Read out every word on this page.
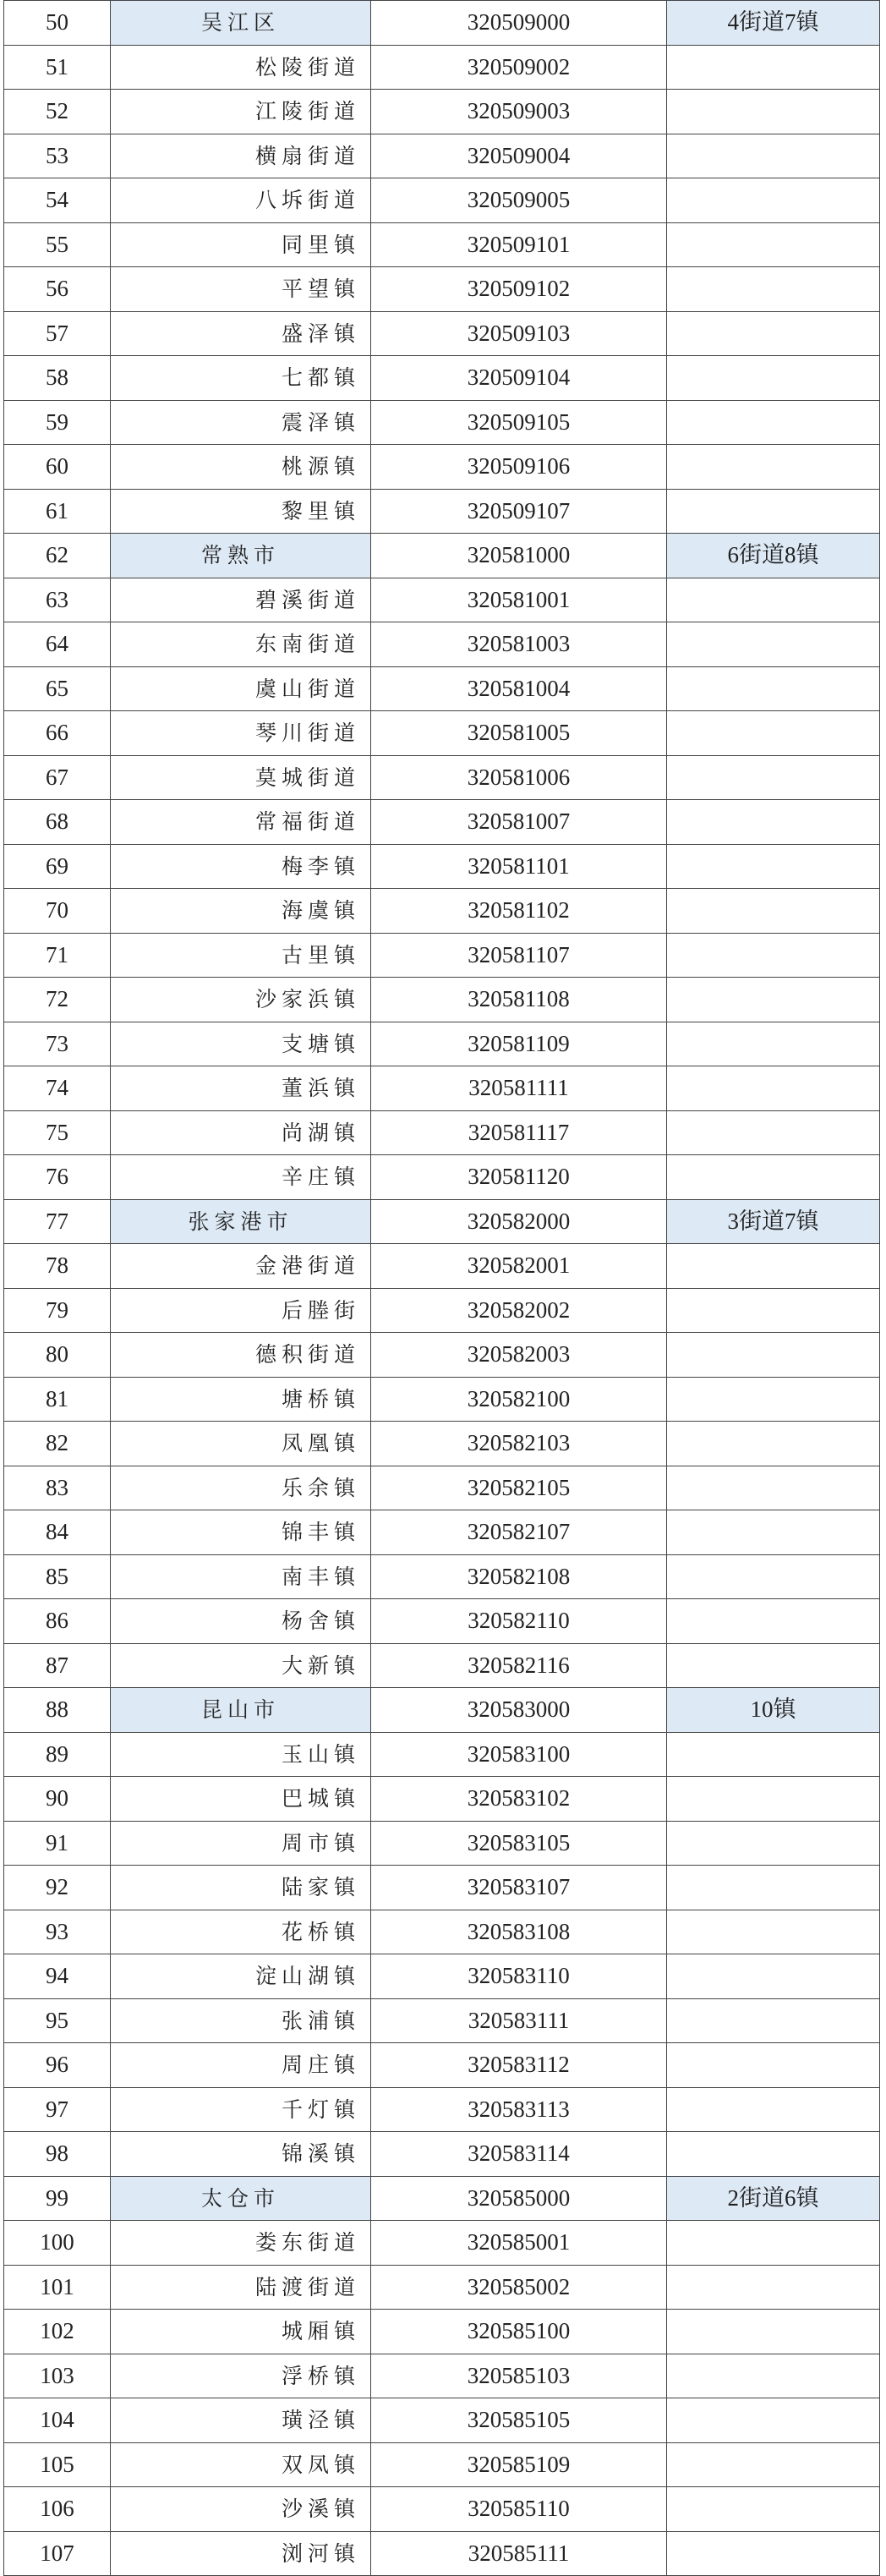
50	吴江区	320509000	4街道7镇
51	松陵街道	320509002	
52	江陵街道	320509003	
53	横扇街道	320509004	
54	八坼街道	320509005	
55	同里镇	320509101	
56	平望镇	320509102	
57	盛泽镇	320509103	
58	七都镇	320509104	
59	震泽镇	320509105	
60	桃源镇	320509106	
61	黎里镇	320509107	
62	常熟市	320581000	6街道8镇
63	碧溪街道	320581001	
64	东南街道	320581003	
65	虞山街道	320581004	
66	琴川街道	320581005	
67	莫城街道	320581006	
68	常福街道	320581007	
69	梅李镇	320581101	
70	海虞镇	320581102	
71	古里镇	320581107	
72	沙家浜镇	320581108	
73	支塘镇	320581109	
74	董浜镇	320581111	
75	尚湖镇	320581117	
76	辛庄镇	320581120	
77	张家港市	320582000	3街道7镇
78	金港街道	320582001	
79	后塍街	320582002	
80	德积街道	320582003	
81	塘桥镇	320582100	
82	凤凰镇	320582103	
83	乐余镇	320582105	
84	锦丰镇	320582107	
85	南丰镇	320582108	
86	杨舍镇	320582110	
87	大新镇	320582116	
88	昆山市	320583000	10镇
89	玉山镇	320583100	
90	巴城镇	320583102	
91	周市镇	320583105	
92	陆家镇	320583107	
93	花桥镇	320583108	
94	淀山湖镇	320583110	
95	张浦镇	320583111	
96	周庄镇	320583112	
97	千灯镇	320583113	
98	锦溪镇	320583114	
99	太仓市	320585000	2街道6镇
100	娄东街道	320585001	
101	陆渡街道	320585002	
102	城厢镇	320585100	
103	浮桥镇	320585103	
104	璜泾镇	320585105	
105	双凤镇	320585109	
106	沙溪镇	320585110	
107	浏河镇	320585111	
